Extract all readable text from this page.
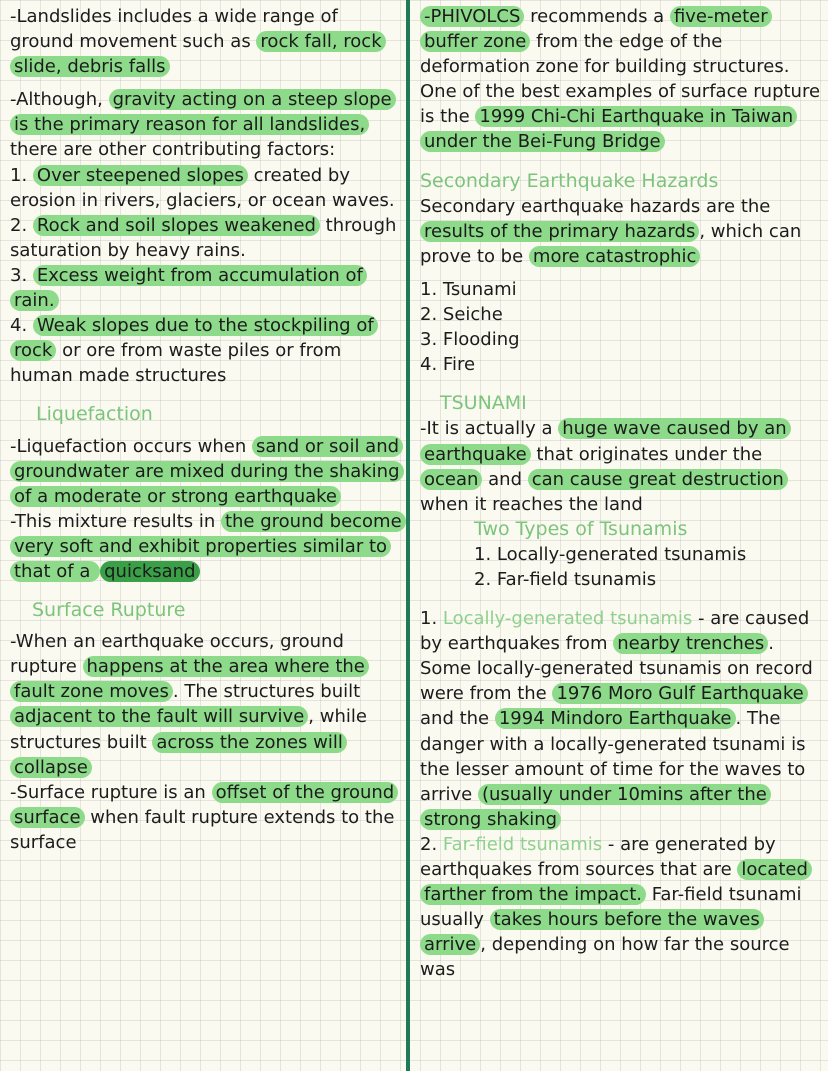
-Landslides includes a wide range of ground movement such as rock fall, rock slide, debris falls

-Although, gravity acting on a steep slope is the primary reason for all landslides, there are other contributing factors:

1. Over steepened slopes created by erosion in rivers, glaciers, or ocean waves.

2. Rock and soil slopes weakened through saturation by heavy rains.

3. Excess weight from accumulation of rain.

4. Weak slopes due to the stockpiling of rock or ore from waste piles or from human made structures

Liquefaction

-Liquefaction occurs when sand or soil and groundwater are mixed during the shaking of a moderate or strong earthquake

-This mixture results in the ground become very soft and exhibit properties similar to that of a quicksand

Surface Rupture

-When an earthquake occurs, ground rupture happens at the area where the fault zone moves . The structures built adjacent to the fault will survive , while structures built across the zones will collapse

-Surface rupture is an offset of the ground surface when fault rupture extends to the surface

-PHIVOLCS recommends a five-meter buffer zone from the edge of the deformation zone for building structures. One of the best examples of surface rupture is the 1999 Chi-Chi Earthquake in Taiwan under the Bei-Fung Bridge

Secondary Earthquake Hazards

Secondary earthquake hazards are the results of the primary hazards , which can prove to be more catastrophic

1. Tsunami
2. Seiche
3. Flooding
4. Fire

TSUNAMI

-It is actually a huge wave caused by an earthquake that originates under the ocean and can cause great destruction when it reaches the land

Two Types of Tsunamis

1. Locally-generated tsunamis

2. Far-field tsunamis

1. Locally-generated tsunamis - are caused by earthquakes from nearby trenches . Some locally-generated tsunamis on record were from the 1976 Moro Gulf Earthquake and the 1994 Mindoro Earthquake . The danger with a locally-generated tsunami is the lesser amount of time for the waves to arrive (usually under 10mins after the strong shaking

2. Far-field tsunamis - are generated by earthquakes from sources that are located farther from the impact. Far-field tsunami usually takes hours before the waves arrive , depending on how far the source was
